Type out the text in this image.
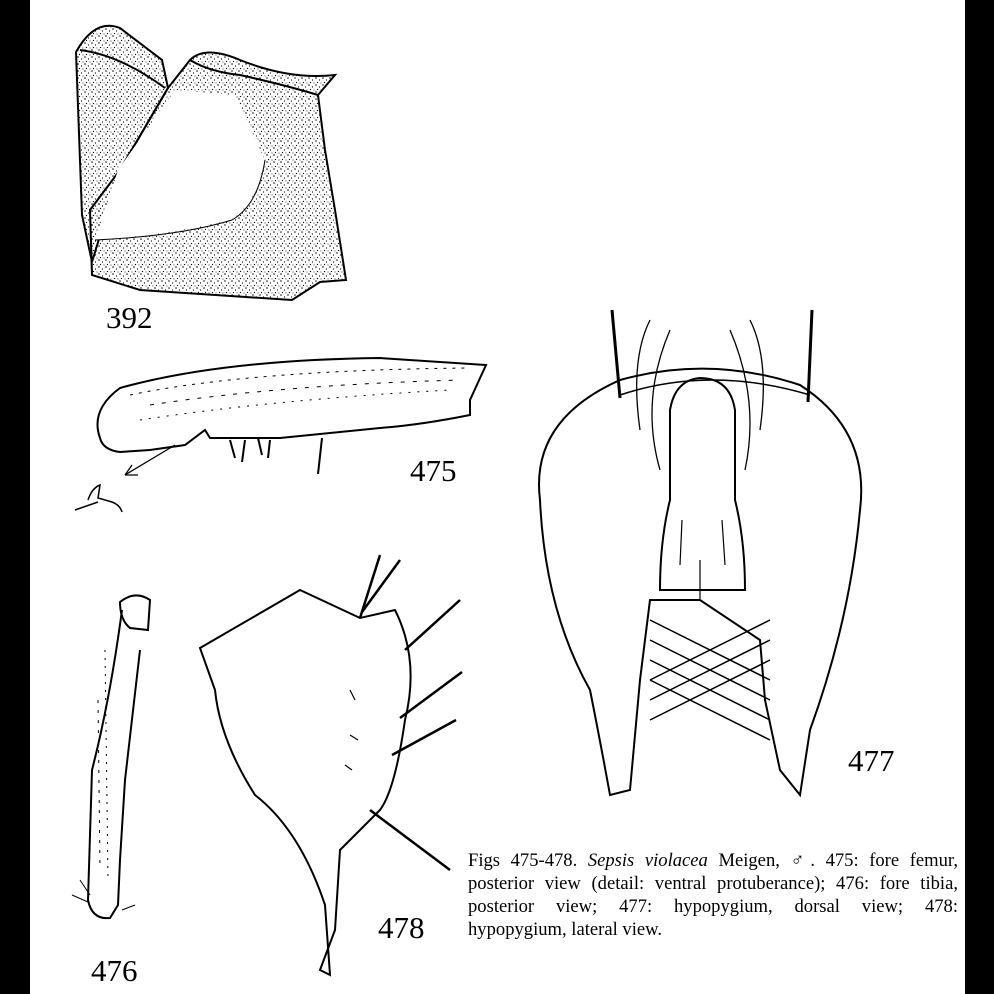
392
475
476
477
478
Figs 475-478. Sepsis violacea Meigen, ♂. 475: fore femur, posterior view (detail: ventral protuberance); 476: fore tibia, posterior view; 477: hypopygium, dorsal view; 478: hypopygium, lateral view.
